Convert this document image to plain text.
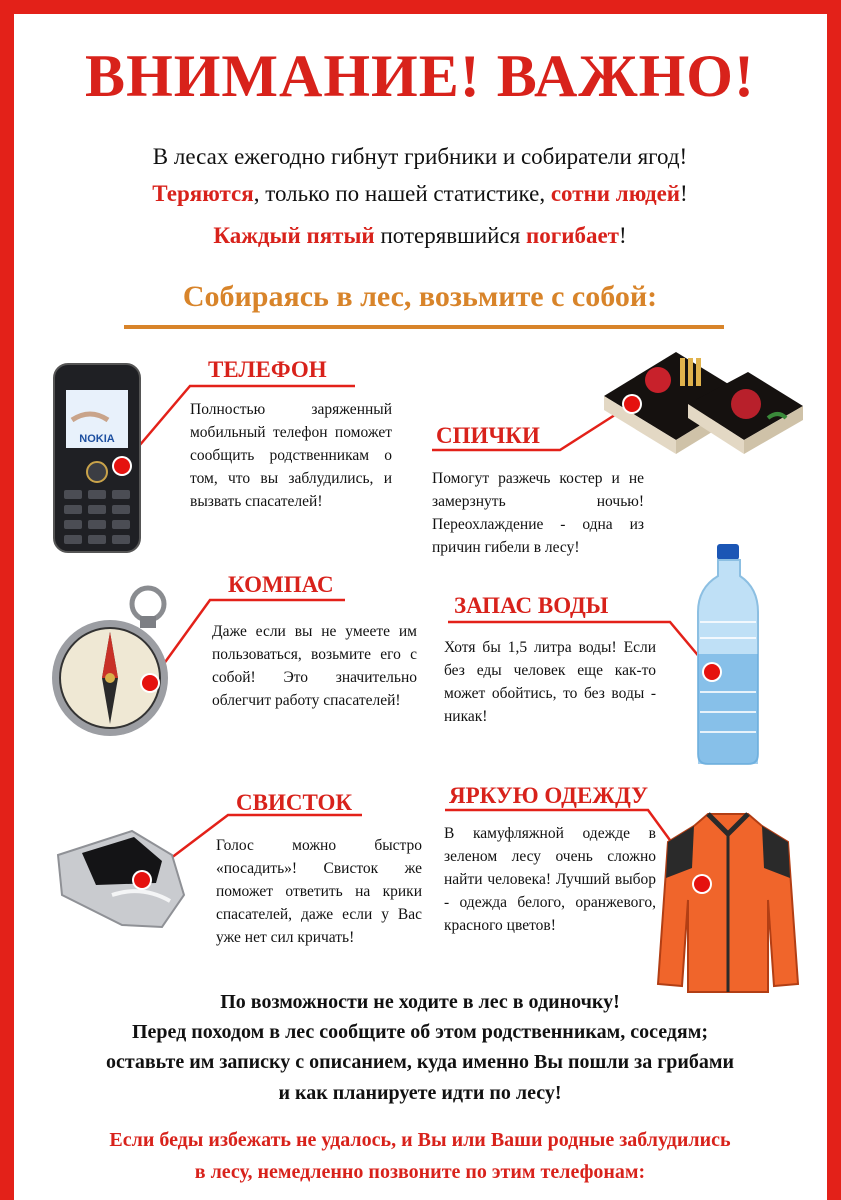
ВНИМАНИЕ! ВАЖНО!
В лесах ежегодно гибнут грибники и собиратели ягод!
Теряются, только по нашей статистике, сотни людей!
Каждый пятый потерявшийся погибает!
Собираясь в лес, возьмите с собой:
NOKIA
ТЕЛЕФОН
Полностью заряженный мобильный телефон поможет сообщить родственникам о том, что вы заблудились, и вызвать спасателей!
СПИЧКИ
Помогут разжечь костер и не замерзнуть ночью! Переохлаждение - одна из причин гибели в лесу!
КОМПАС
Даже если вы не умеете им пользоваться, возьмите его с собой! Это значительно облегчит работу спасателей!
ЗАПАС ВОДЫ
Хотя бы 1,5 литра воды! Если без еды человек еще как-то может обойтись, то без воды - никак!
СВИСТОК
Голос можно быстро «посадить»! Свисток же поможет ответить на крики спасателей, даже если у Вас уже нет сил кричать!
ЯРКУЮ ОДЕЖДУ
В камуфляжной одежде в зеленом лесу очень сложно найти человека! Лучший выбор - одежда белого, оранжевого, красного цветов!
По возможности не ходите в лес в одиночку!
Перед походом в лес сообщите об этом родственникам, соседям;
оставьте им записку с описанием, куда именно Вы пошли за грибами
и как планируете идти по лесу!
Если беды избежать не удалось, и Вы или Ваши родные заблудились
в лесу, немедленно позвоните по этим телефонам:
